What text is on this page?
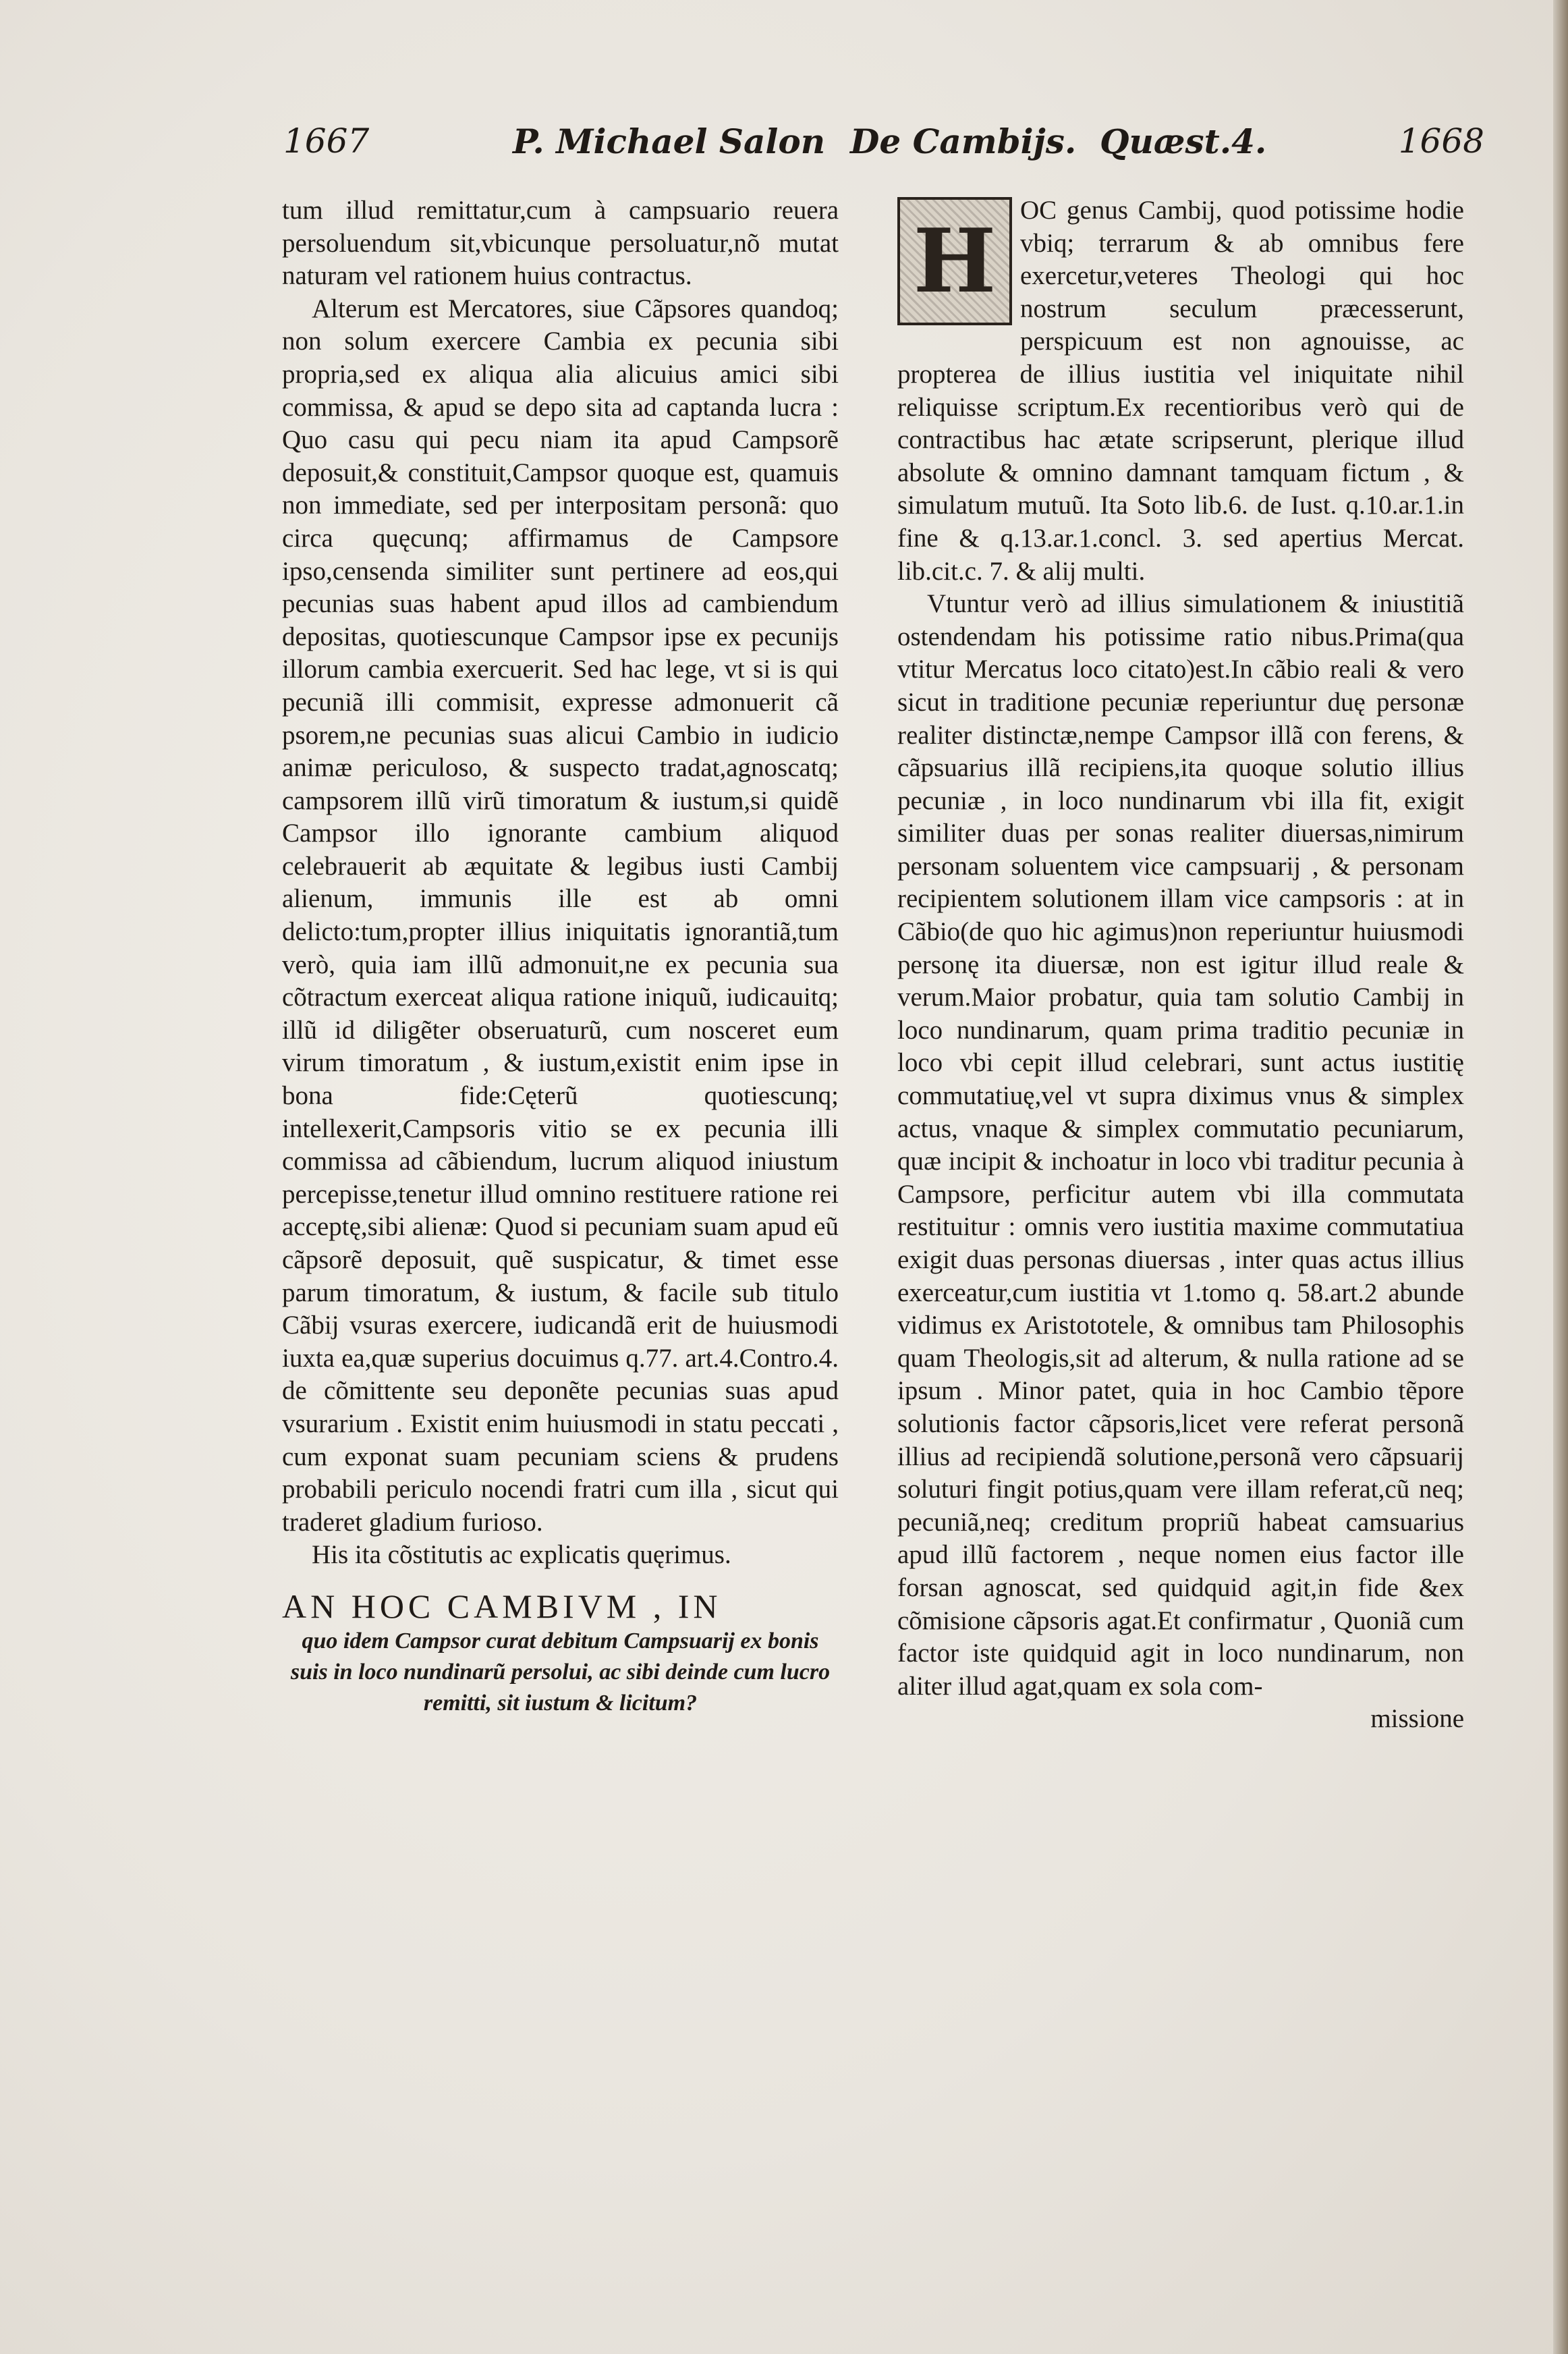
1667	P. Michael Salon De Cambijs. Quæst.4.	1668

tum illud remittatur,cum à campsuario reuera persoluendum sit,vbicunque persoluatur,nõ mutat naturam vel rationem huius contractus.

Alterum est Mercatores, siue Cãpsores quandoq; non solum exercere Cambia ex pecunia sibi propria,sed ex aliqua alia alicuius amici sibi commissa, & apud se depo sita ad captanda lucra : Quo casu qui pecu niam ita apud Campsorẽ deposuit,& constituit,Campsor quoque est, quamuis non immediate, sed per interpositam personã: quo circa quęcunq; affirmamus de Campsore ipso,censenda similiter sunt pertinere ad eos,qui pecunias suas habent apud illos ad cambiendum depositas, quotiescunque Campsor ipse ex pecunijs illorum cambia exercuerit. Sed hac lege, vt si is qui pecuniã illi commisit, expresse admonuerit cã psorem,ne pecunias suas alicui Cambio in iudicio animæ periculoso, & suspecto tradat,agnoscatq; campsorem illũ virũ timoratum & iustum,si quidẽ Campsor illo ignorante cambium aliquod celebrauerit ab æquitate & legibus iusti Cambij alienum, immunis ille est ab omni delicto:tum,propter illius iniquitatis ignorantiã,tum verò, quia iam illũ admonuit,ne ex pecunia sua cõtractum exerceat aliqua ratione iniquũ, iudicauitq; illũ id diligẽter obseruaturũ, cum nosceret eum virum timoratum , & iustum,existit enim ipse in bona fide:Cęterũ quotiescunq; intellexerit,Campsoris vitio se ex pecunia illi commissa ad cãbiendum, lucrum aliquod iniustum percepisse,tenetur illud omnino restituere ratione rei acceptę,sibi alienæ: Quod si pecuniam suam apud eũ cãpsorẽ deposuit, quẽ suspicatur, & timet esse parum timoratum, & iustum, & facile sub titulo Cãbij vsuras exercere, iudicandã erit de huiusmodi iuxta ea,quæ superius docuimus q.77. art.4.Contro.4. de cõmittente seu deponẽte pecunias suas apud vsurarium . Existit enim huiusmodi in statu peccati , cum exponat suam pecuniam sciens & prudens probabili periculo nocendi fratri cum illa , sicut qui traderet gladium furioso.

His ita cõstitutis ac explicatis quęrimus.

AN HOC CAMBIVM , IN
quo idem Campsor curat debitum Campsuarij ex bonis suis in loco nundinarũ persolui, ac sibi deinde cum lucro remitti, sit iustum & licitum?
H OC genus Cambij, quod potissime hodie vbiq; terrarum & ab omnibus fere exercetur,veteres Theologi qui hoc nostrum seculum præcesserunt, perspicuum est non agnouisse, ac propterea de illius iustitia vel iniquitate nihil reliquisse scriptum.Ex recentioribus verò qui de contractibus hac ætate scripserunt, plerique illud absolute & omnino damnant tamquam fictum , & simulatum mutuũ. Ita Soto lib.6. de Iust. q.10.ar.1.in fine & q.13.ar.1.concl. 3. sed apertius Mercat. lib.cit.c. 7. & alij multi.

Vtuntur verò ad illius simulationem & iniustitiã ostendendam his potissime ratio nibus.Prima(qua vtitur Mercatus loco citato)est.In cãbio reali & vero sicut in traditione pecuniæ reperiuntur duę personæ realiter distinctæ,nempe Campsor illã con ferens, & cãpsuarius illã recipiens,ita quoque solutio illius pecuniæ , in loco nundinarum vbi illa fit, exigit similiter duas per sonas realiter diuersas,nimirum personam soluentem vice campsuarij , & personam recipientem solutionem illam vice campsoris : at in Cãbio(de quo hic agimus)non reperiuntur huiusmodi personę ita diuersæ, non est igitur illud reale & verum.Maior probatur, quia tam solutio Cambij in loco nundinarum, quam prima traditio pecuniæ in loco vbi cepit illud celebrari, sunt actus iustitię commutatiuę,vel vt supra diximus vnus & simplex actus, vnaque & simplex commutatio pecuniarum, quæ incipit & inchoatur in loco vbi traditur pecunia à Campsore, perficitur autem vbi illa commutata restituitur : omnis vero iustitia maxime commutatiua exigit duas personas diuersas , inter quas actus illius exerceatur,cum iustitia vt 1.tomo q. 58.art.2 abunde vidimus ex Aristototele, & omnibus tam Philosophis quam Theologis,sit ad alterum, & nulla ratione ad se ipsum . Minor patet, quia in hoc Cambio tẽpore solutionis factor cãpsoris,licet vere referat personã illius ad recipiendã solutione,personã vero cãpsuarij soluturi fingit potius,quam vere illam referat,cũ neq; pecuniã,neq; creditum propriũ habeat camsuarius apud illũ factorem , neque nomen eius factor ille forsan agnoscat, sed quidquid agit,in fide &ex cõmisione cãpsoris agat.Et confirmatur , Quoniã cum factor iste quidquid agit in loco nundinarum, non aliter illud agat,quam ex sola com-

missione
